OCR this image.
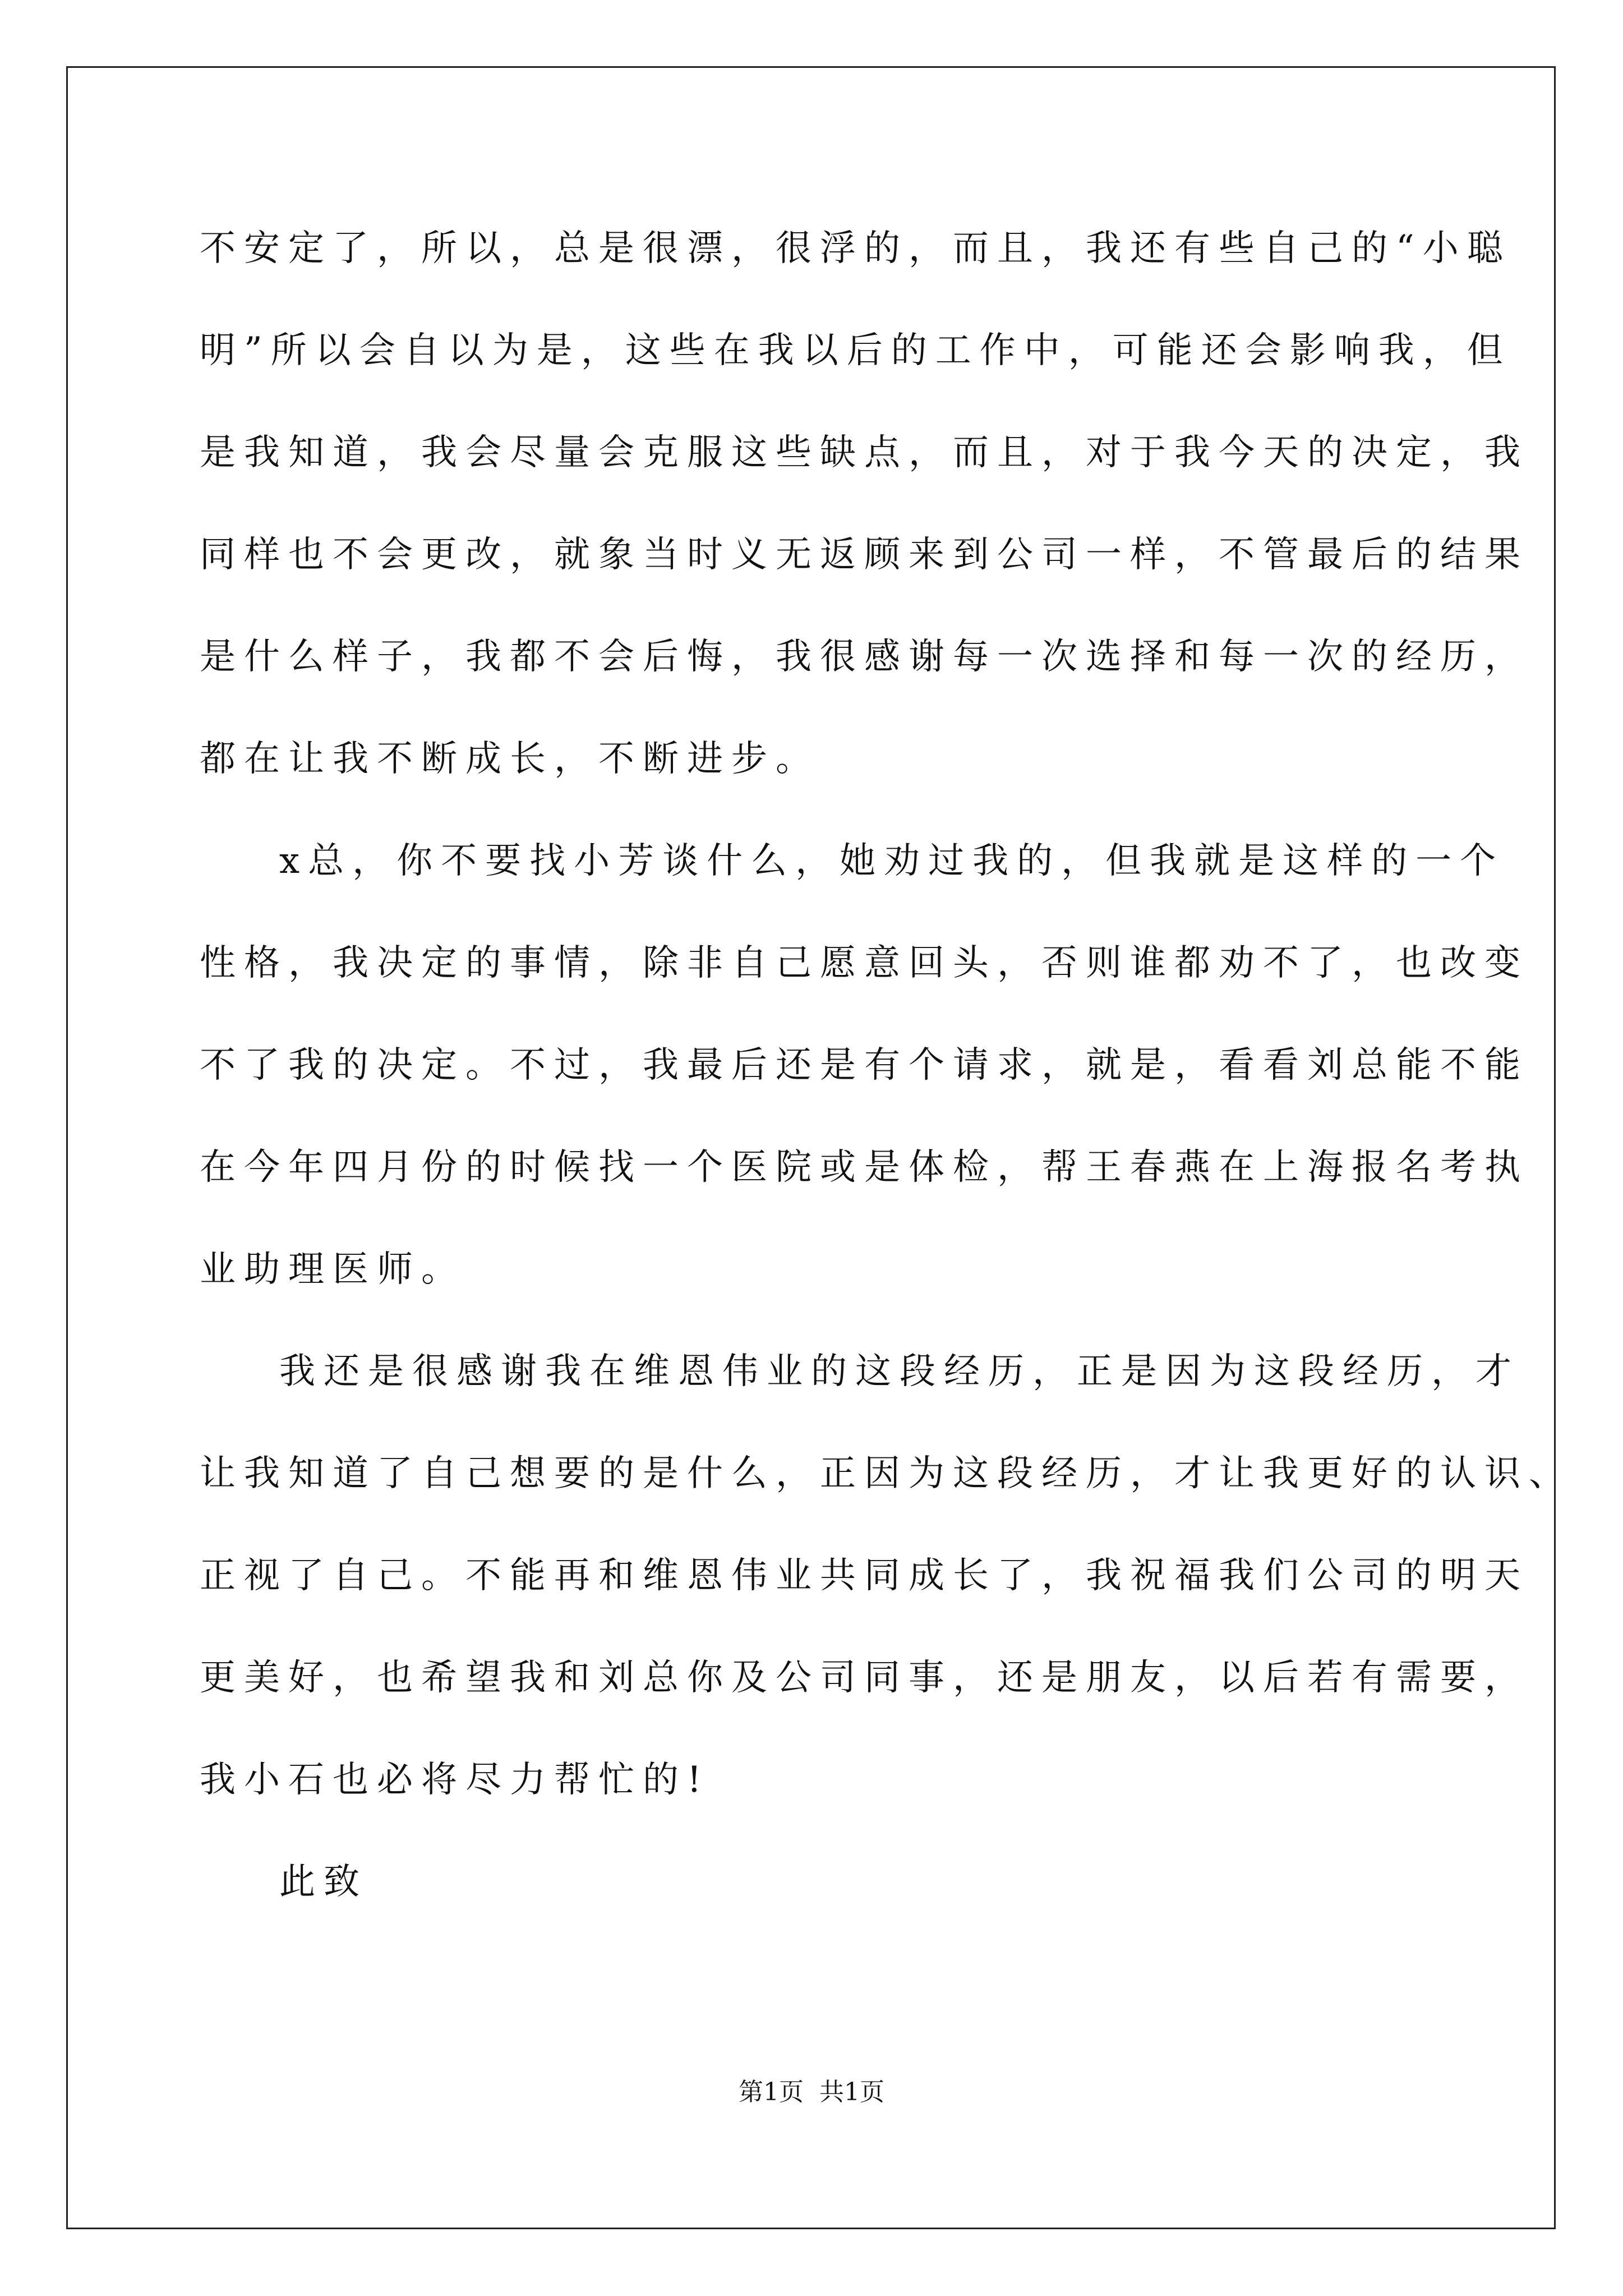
不安定了，所以，总是很漂，很浮的，而且，我还有些自己的“小聪
明”所以会自以为是，这些在我以后的工作中，可能还会影响我，但
是我知道，我会尽量会克服这些缺点，而且，对于我今天的决定，我
同样也不会更改，就象当时义无返顾来到公司一样，不管最后的结果
是什么样子，我都不会后悔，我很感谢每一次选择和每一次的经历，
都在让我不断成长，不断进步。
x总，你不要找小芳谈什么，她劝过我的，但我就是这样的一个
性格，我决定的事情，除非自己愿意回头，否则谁都劝不了，也改变
不了我的决定。不过，我最后还是有个请求，就是，看看刘总能不能
在今年四月份的时候找一个医院或是体检，帮王春燕在上海报名考执
业助理医师。
我还是很感谢我在维恩伟业的这段经历，正是因为这段经历，才
让我知道了自己想要的是什么，正因为这段经历，才让我更好的认识、
正视了自己。不能再和维恩伟业共同成长了，我祝福我们公司的明天
更美好，也希望我和刘总你及公司同事，还是朋友，以后若有需要，
我小石也必将尽力帮忙的!
此致
第1页  共1页
